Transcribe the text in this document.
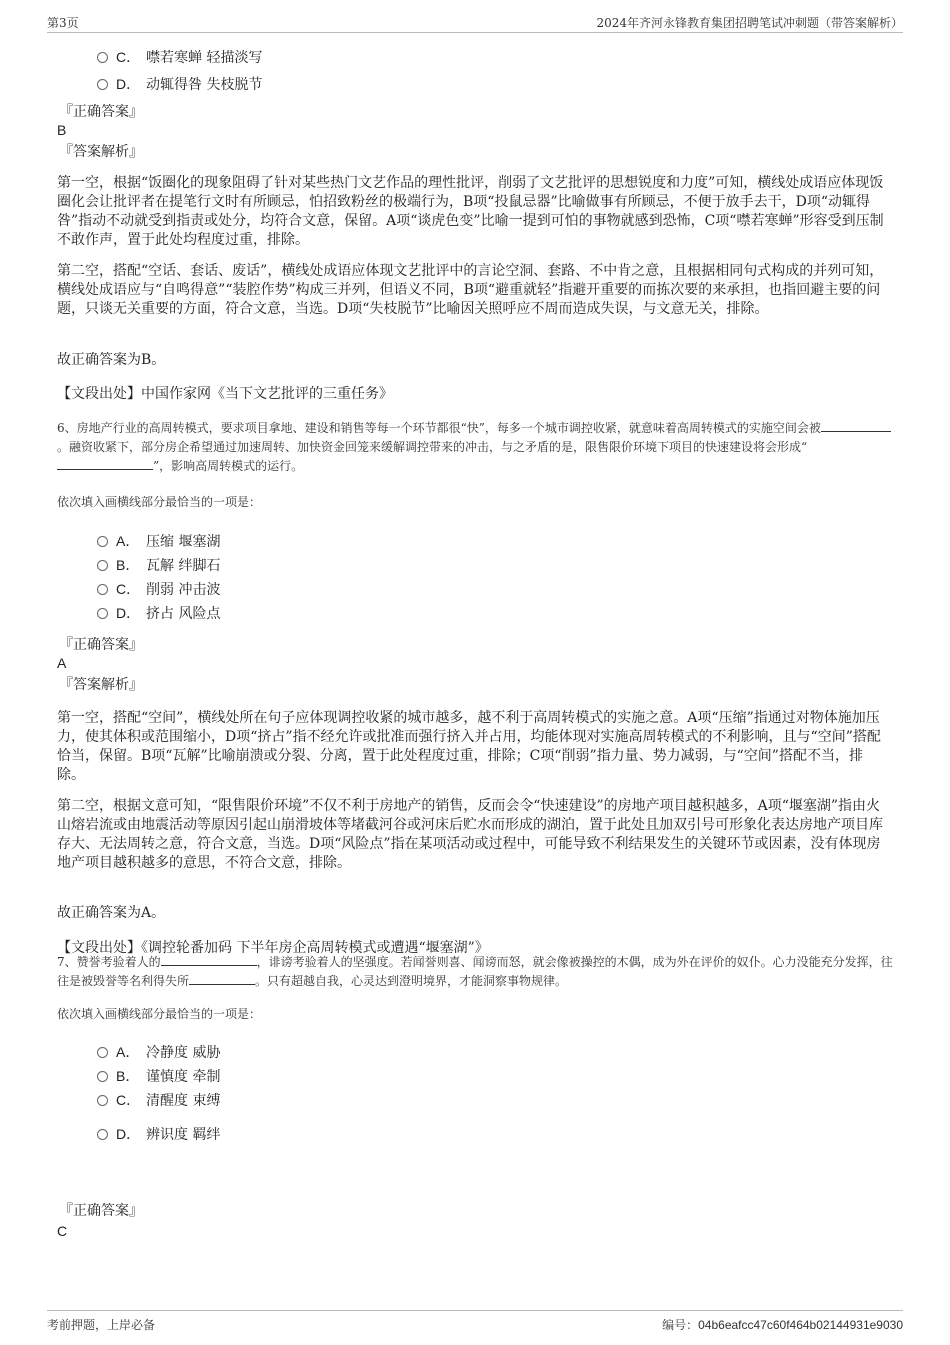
第3页	2024年齐河永锋教育集团招聘笔试冲刺题（带答案解析）
C． 噤若寒蝉 轻描淡写
D． 动辄得咎 失枝脱节
『正确答案』
B
『答案解析』

第一空，根据“饭圈化的现象阻碍了针对某些热门文艺作品的理性批评，削弱了文艺批评的思想锐度和力度”可知，横线处成语应体现饭圈化会让批评者在提笔行文时有所顾忌，怕招致粉丝的极端行为，B项“投鼠忌器”比喻做事有所顾忌，不便于放手去干，D项“动辄得咎”指动不动就受到指责或处分，均符合文意，保留。A项“谈虎色变”比喻一提到可怕的事物就感到恐怖，C项“噤若寒蝉”形容受到压制不敢作声，置于此处均程度过重，排除。

第二空，搭配“空话、套话、废话”，横线处成语应体现文艺批评中的言论空洞、套路、不中肯之意，且根据相同句式构成的并列可知，横线处成语应与“自鸣得意”“装腔作势”构成三并列，但语义不同，B项“避重就轻”指避开重要的而拣次要的来承担，也指回避主要的问题，只谈无关重要的方面，符合文意，当选。D项“失枝脱节”比喻因关照呼应不周而造成失误，与文意无关，排除。

故正确答案为B。

【文段出处】中国作家网《当下文艺批评的三重任务》

6、房地产行业的高周转模式，要求项目拿地、建设和销售等每一个环节都很“快”，每多一个城市调控收紧，就意味着高周转模式的实施空间会被。融资收紧下，部分房企希望通过加速周转、加快资金回笼来缓解调控带来的冲击，与之矛盾的是，限售限价环境下项目的快速建设将会形成“”，影响高周转模式的运行。

依次填入画横线部分最恰当的一项是：

A． 压缩 堰塞湖
B． 瓦解 绊脚石
C． 削弱 冲击波
D． 挤占 风险点
『正确答案』
A
『答案解析』

第一空，搭配“空间”，横线处所在句子应体现调控收紧的城市越多，越不利于高周转模式的实施之意。A项“压缩”指通过对物体施加压力，使其体积或范围缩小，D项“挤占”指不经允许或批准而强行挤入并占用，均能体现对实施高周转模式的不利影响，且与“空间”搭配恰当，保留。B项“瓦解”比喻崩溃或分裂、分离，置于此处程度过重，排除；C项“削弱”指力量、势力减弱，与“空间”搭配不当，排除。

第二空，根据文意可知，“限售限价环境”不仅不利于房地产的销售，反而会令“快速建设”的房地产项目越积越多，A项“堰塞湖”指由火山熔岩流或由地震活动等原因引起山崩滑坡体等堵截河谷或河床后贮水而形成的湖泊，置于此处且加双引号可形象化表达房地产项目库存大、无法周转之意，符合文意，当选。D项“风险点”指在某项活动或过程中，可能导致不利结果发生的关键环节或因素，没有体现房地产项目越积越多的意思，不符合文意，排除。

故正确答案为A。

【文段出处】《调控轮番加码 下半年房企高周转模式或遭遇“堰塞湖”》

7、赞誉考验着人的	，诽谤考验着人的坚强度。若闻誉则喜、闻谤而怒，就会像被操控的木偶，成为外在评价的奴仆。心力没能充分发挥，往往是被毁誉等名利得失所	。只有超越自我，心灵达到澄明境界，才能洞察事物规律。

依次填入画横线部分最恰当的一项是：

A． 冷静度 威胁
B． 谨慎度 牵制
C． 清醒度 束缚
D． 辨识度 羁绊
『正确答案』
C
考前押题，上岸必备	编号：04b6eafcc47c60f464b02144931e9030
